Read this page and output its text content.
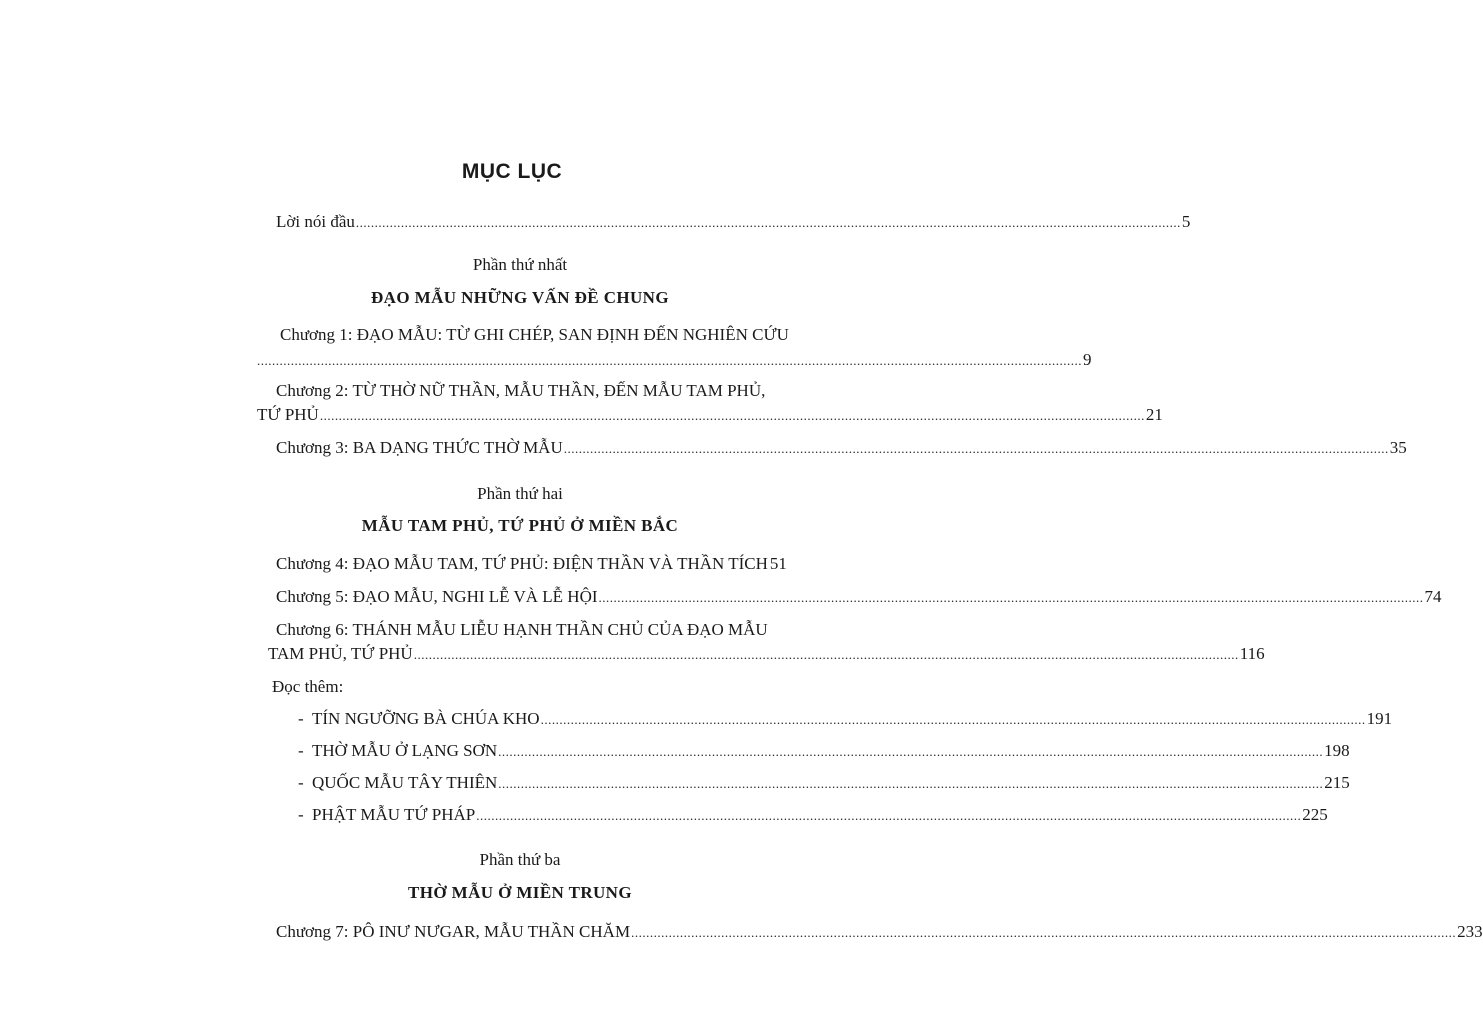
MỤC LỤC
Lời nói đầu ............................................................................................................................................................................................................................ 5
Phần thứ nhất
ĐẠO MẪU NHỮNG VẤN ĐỀ CHUNG
Chương 1: ĐẠO MẪU: TỪ GHI CHÉP, SAN ĐỊNH ĐẾN NGHIÊN CỨU
............................................................................................................................................................................................................................ 9
Chương 2: TỪ THỜ NỮ THẦN, MẪU THẦN, ĐẾN MẪU TAM PHỦ,
TỨ PHỦ ............................................................................................................................................................................................................................ 21
Chương 3: BA DẠNG THỨC THỜ MẪU ............................................................................................................................................................................................................................ 35
Phần thứ hai
MẪU TAM PHỦ, TỨ PHỦ Ở MIỀN BẮC
Chương 4: ĐẠO MẪU TAM, TỨ PHỦ: ĐIỆN THẦN VÀ THẦN TÍCH 51
Chương 5: ĐẠO MẪU, NGHI LỄ VÀ LỄ HỘI ............................................................................................................................................................................................................................ 74
Chương 6: THÁNH MẪU LIỄU HẠNH THẦN CHỦ CỦA ĐẠO MẪU
TAM PHỦ, TỨ PHỦ ............................................................................................................................................................................................................................ 116
Đọc thêm:
- TÍN NGƯỠNG BÀ CHÚA KHO ............................................................................................................................................................................................................................ 191
- THỜ MẪU Ở LẠNG SƠN ............................................................................................................................................................................................................................ 198
- QUỐC MẪU TÂY THIÊN ............................................................................................................................................................................................................................ 215
- PHẬT MẪU TỨ PHÁP ............................................................................................................................................................................................................................ 225
Phần thứ ba
THỜ MẪU Ở MIỀN TRUNG
Chương 7: PÔ INƯ NƯGAR, MẪU THẦN CHĂM ............................................................................................................................................................................................................................ 233
